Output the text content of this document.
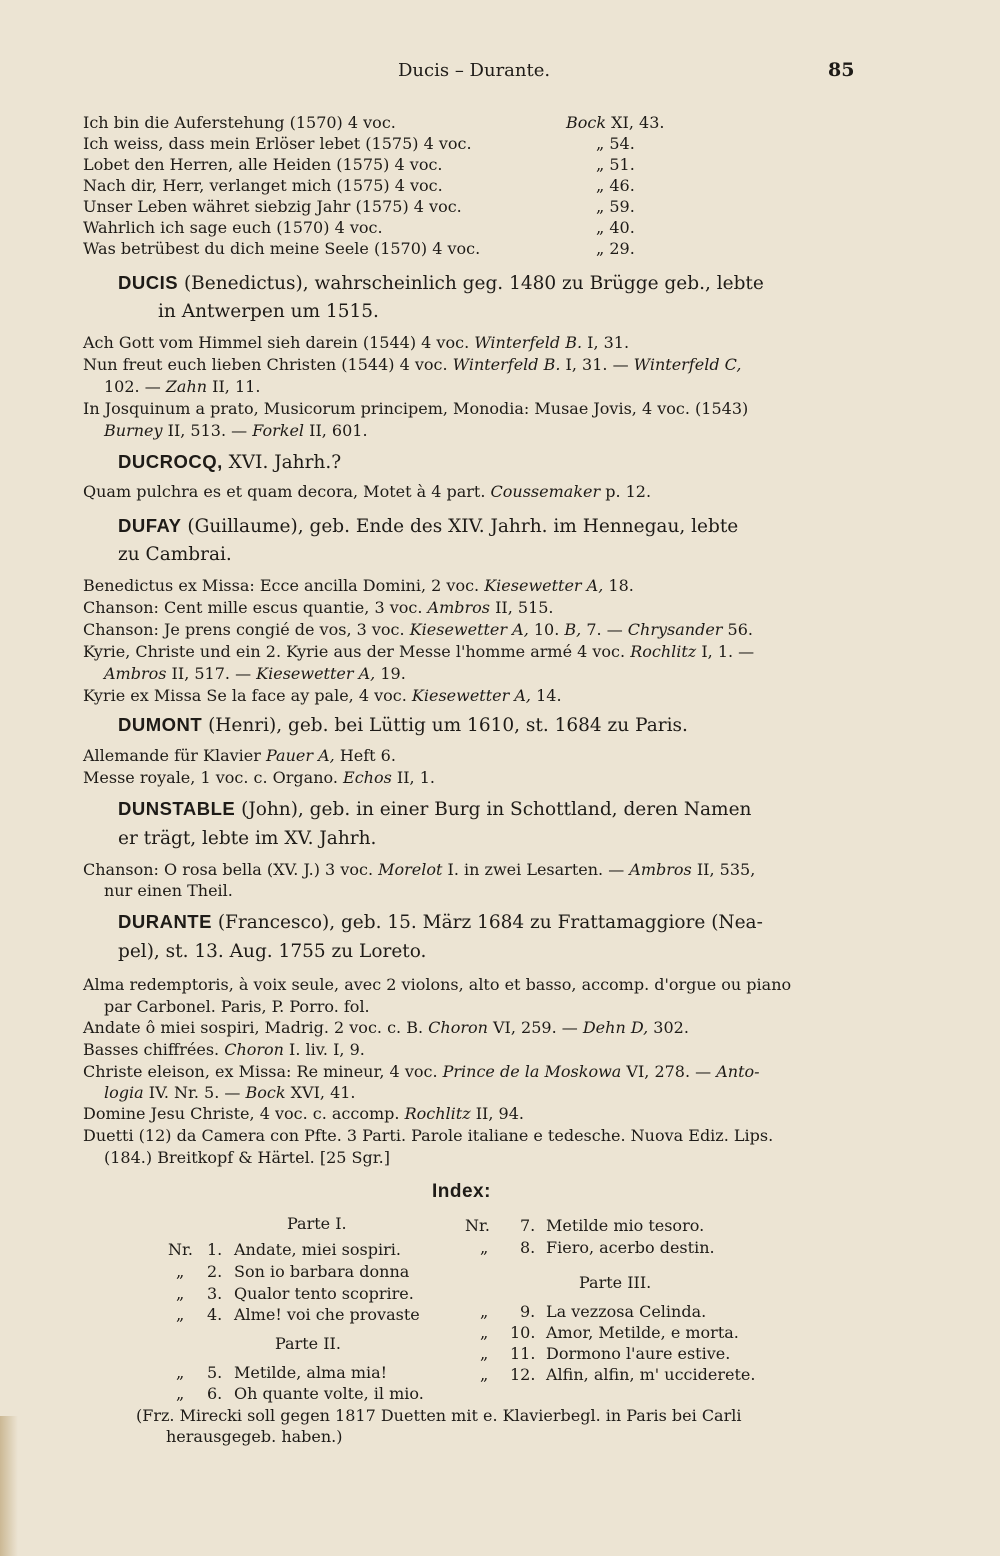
Ducis – Durante.	85
Ich bin die Auferstehung (1570) 4 voc.	Bock XI, 43.
Ich weiss, dass mein Erlöser lebet (1575) 4 voc.	„ 54.
Lobet den Herren, alle Heiden (1575) 4 voc.	„ 51.
Nach dir, Herr, verlanget mich (1575) 4 voc.	„ 46.
Unser Leben währet siebzig Jahr (1575) 4 voc.	„ 59.
Wahrlich ich sage euch (1570) 4 voc.	„ 40.
Was betrübest du dich meine Seele (1570) 4 voc.	„ 29.
DUCIS (Benedictus), wahrscheinlich geg. 1480 zu Brügge geb., lebte
in Antwerpen um 1515.
Ach Gott vom Himmel sieh darein (1544) 4 voc. Winterfeld B. I, 31.
Nun freut euch lieben Christen (1544) 4 voc. Winterfeld B. I, 31. — Winterfeld C,
102. — Zahn II, 11.
In Josquinum a prato, Musicorum principem, Monodia: Musae Jovis, 4 voc. (1543)
Burney II, 513. — Forkel II, 601.
DUCROCQ, XVI. Jahrh.?
Quam pulchra es et quam decora, Motet à 4 part. Coussemaker p. 12.
DUFAY (Guillaume), geb. Ende des XIV. Jahrh. im Hennegau, lebte
zu Cambrai.
Benedictus ex Missa: Ecce ancilla Domini, 2 voc. Kiesewetter A, 18.
Chanson: Cent mille escus quantie, 3 voc. Ambros II, 515.
Chanson: Je prens congié de vos, 3 voc. Kiesewetter A, 10. B, 7. — Chrysander 56.
Kyrie, Christe und ein 2. Kyrie aus der Messe l'homme armé 4 voc. Rochlitz I, 1. —
Ambros II, 517. — Kiesewetter A, 19.
Kyrie ex Missa Se la face ay pale, 4 voc. Kiesewetter A, 14.
DUMONT (Henri), geb. bei Lüttig um 1610, st. 1684 zu Paris.
Allemande für Klavier Pauer A, Heft 6.
Messe royale, 1 voc. c. Organo. Echos II, 1.
DUNSTABLE (John), geb. in einer Burg in Schottland, deren Namen
er trägt, lebte im XV. Jahrh.
Chanson: O rosa bella (XV. J.) 3 voc. Morelot I. in zwei Lesarten. — Ambros II, 535,
nur einen Theil.
DURANTE (Francesco), geb. 15. März 1684 zu Frattamaggiore (Nea-
pel), st. 13. Aug. 1755 zu Loreto.
Alma redemptoris, à voix seule, avec 2 violons, alto et basso, accomp. d'orgue ou piano
par Carbonel. Paris, P. Porro. fol.
Andate ô miei sospiri, Madrig. 2 voc. c. B. Choron VI, 259. — Dehn D, 302.
Basses chiffrées. Choron I. liv. I, 9.
Christe eleison, ex Missa: Re mineur, 4 voc. Prince de la Moskowa VI, 278. — Anto-
logia IV. Nr. 5. — Bock XVI, 41.
Domine Jesu Christe, 4 voc. c. accomp. Rochlitz II, 94.
Duetti (12) da Camera con Pfte. 3 Parti. Parole italiane e tedesche. Nuova Ediz. Lips.
(184.) Breitkopf & Härtel. [25 Sgr.]
Index:
Parte I.
Nr. 1. Andate, miei sospiri.
„ 2. Son io barbara donna
„ 3. Qualor tento scoprire.
„ 4. Alme! voi che provaste
Parte II.
„ 5. Metilde, alma mia!
„ 6. Oh quante volte, il mio.
Nr. 7. Metilde mio tesoro.
„ 8. Fiero, acerbo destin.
Parte III.
„ 9. La vezzosa Celinda.
„ 10. Amor, Metilde, e morta.
„ 11. Dormono l'aure estive.
„ 12. Alfin, alfin, m' ucciderete.
(Frz. Mirecki soll gegen 1817 Duetten mit e. Klavierbegl. in Paris bei Carli
herausgegeb. haben.)
